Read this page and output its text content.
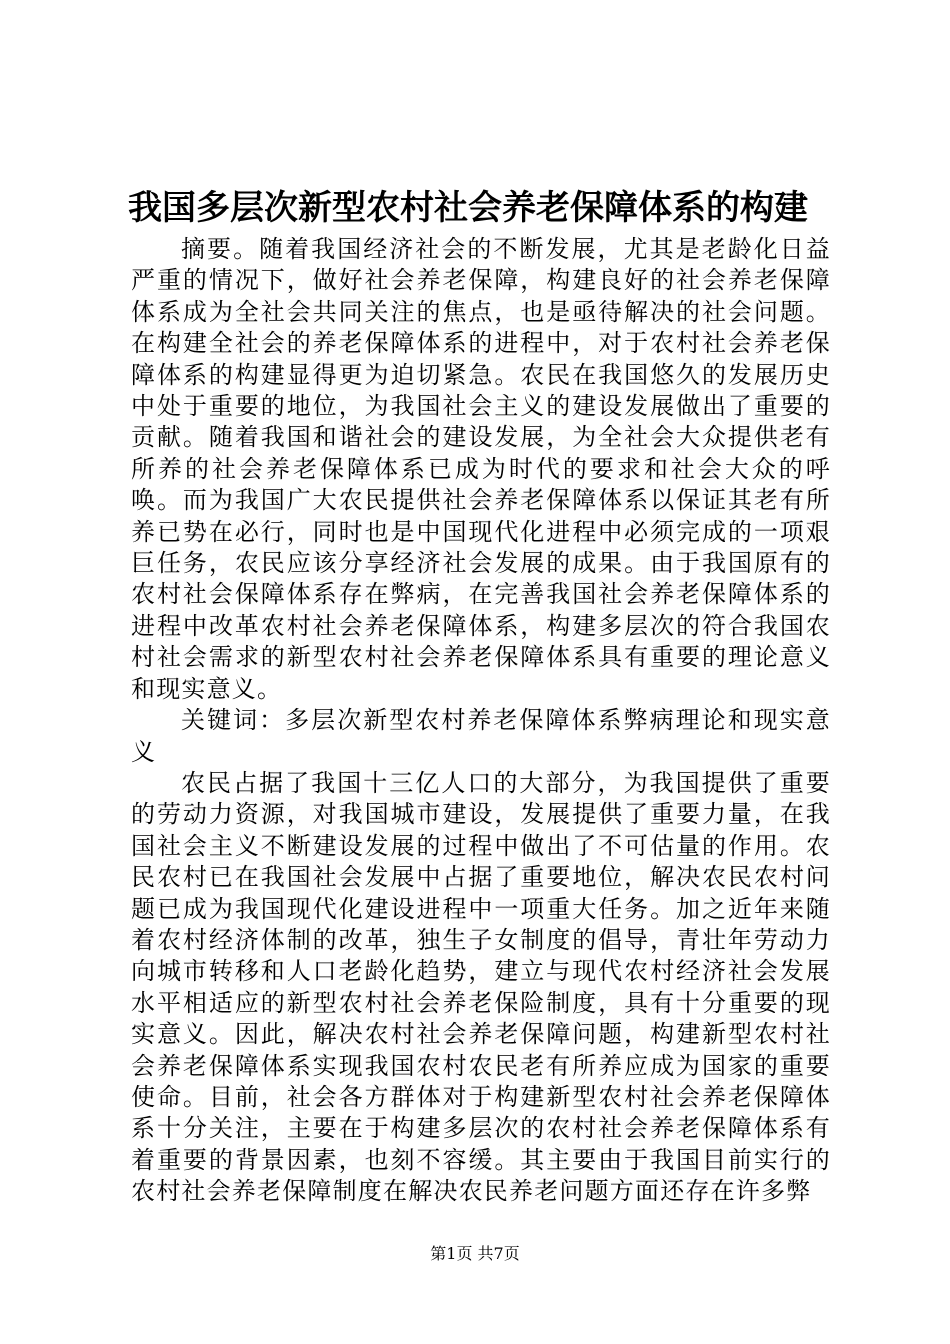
我国多层次新型农村社会养老保障体系的构建

摘要。随着我国经济社会的不断发展，尤其是老龄化日益严重的情况下，做好社会养老保障，构建良好的社会养老保障体系成为全社会共同关注的焦点，也是亟待解决的社会问题。在构建全社会的养老保障体系的进程中，对于农村社会养老保障体系的构建显得更为迫切紧急。农民在我国悠久的发展历史中处于重要的地位，为我国社会主义的建设发展做出了重要的贡献。随着我国和谐社会的建设发展，为全社会大众提供老有所养的社会养老保障体系已成为时代的要求和社会大众的呼唤。而为我国广大农民提供社会养老保障体系以保证其老有所养已势在必行，同时也是中国现代化进程中必须完成的一项艰巨任务，农民应该分享经济社会发展的成果。由于我国原有的农村社会保障体系存在弊病，在完善我国社会养老保障体系的进程中改革农村社会养老保障体系，构建多层次的符合我国农村社会需求的新型农村社会养老保障体系具有重要的理论意义和现实意义。

关键词：多层次新型农村养老保障体系弊病理论和现实意义

农民占据了我国十三亿人口的大部分，为我国提供了重要的劳动力资源，对我国城市建设，发展提供了重要力量，在我国社会主义不断建设发展的过程中做出了不可估量的作用。农民农村已在我国社会发展中占据了重要地位，解决农民农村问题已成为我国现代化建设进程中一项重大任务。加之近年来随着农村经济体制的改革，独生子女制度的倡导，青壮年劳动力向城市转移和人口老龄化趋势，建立与现代农村经济社会发展水平相适应的新型农村社会养老保险制度，具有十分重要的现实意义。因此，解决农村社会养老保障问题，构建新型农村社会养老保障体系实现我国农村农民老有所养应成为国家的重要使命。目前，社会各方群体对于构建新型农村社会养老保障体系十分关注，主要在于构建多层次的农村社会养老保障体系有着重要的背景因素，也刻不容缓。其主要由于我国目前实行的农村社会养老保障制度在解决农民养老问题方面还存在许多弊

第1页 共7页
